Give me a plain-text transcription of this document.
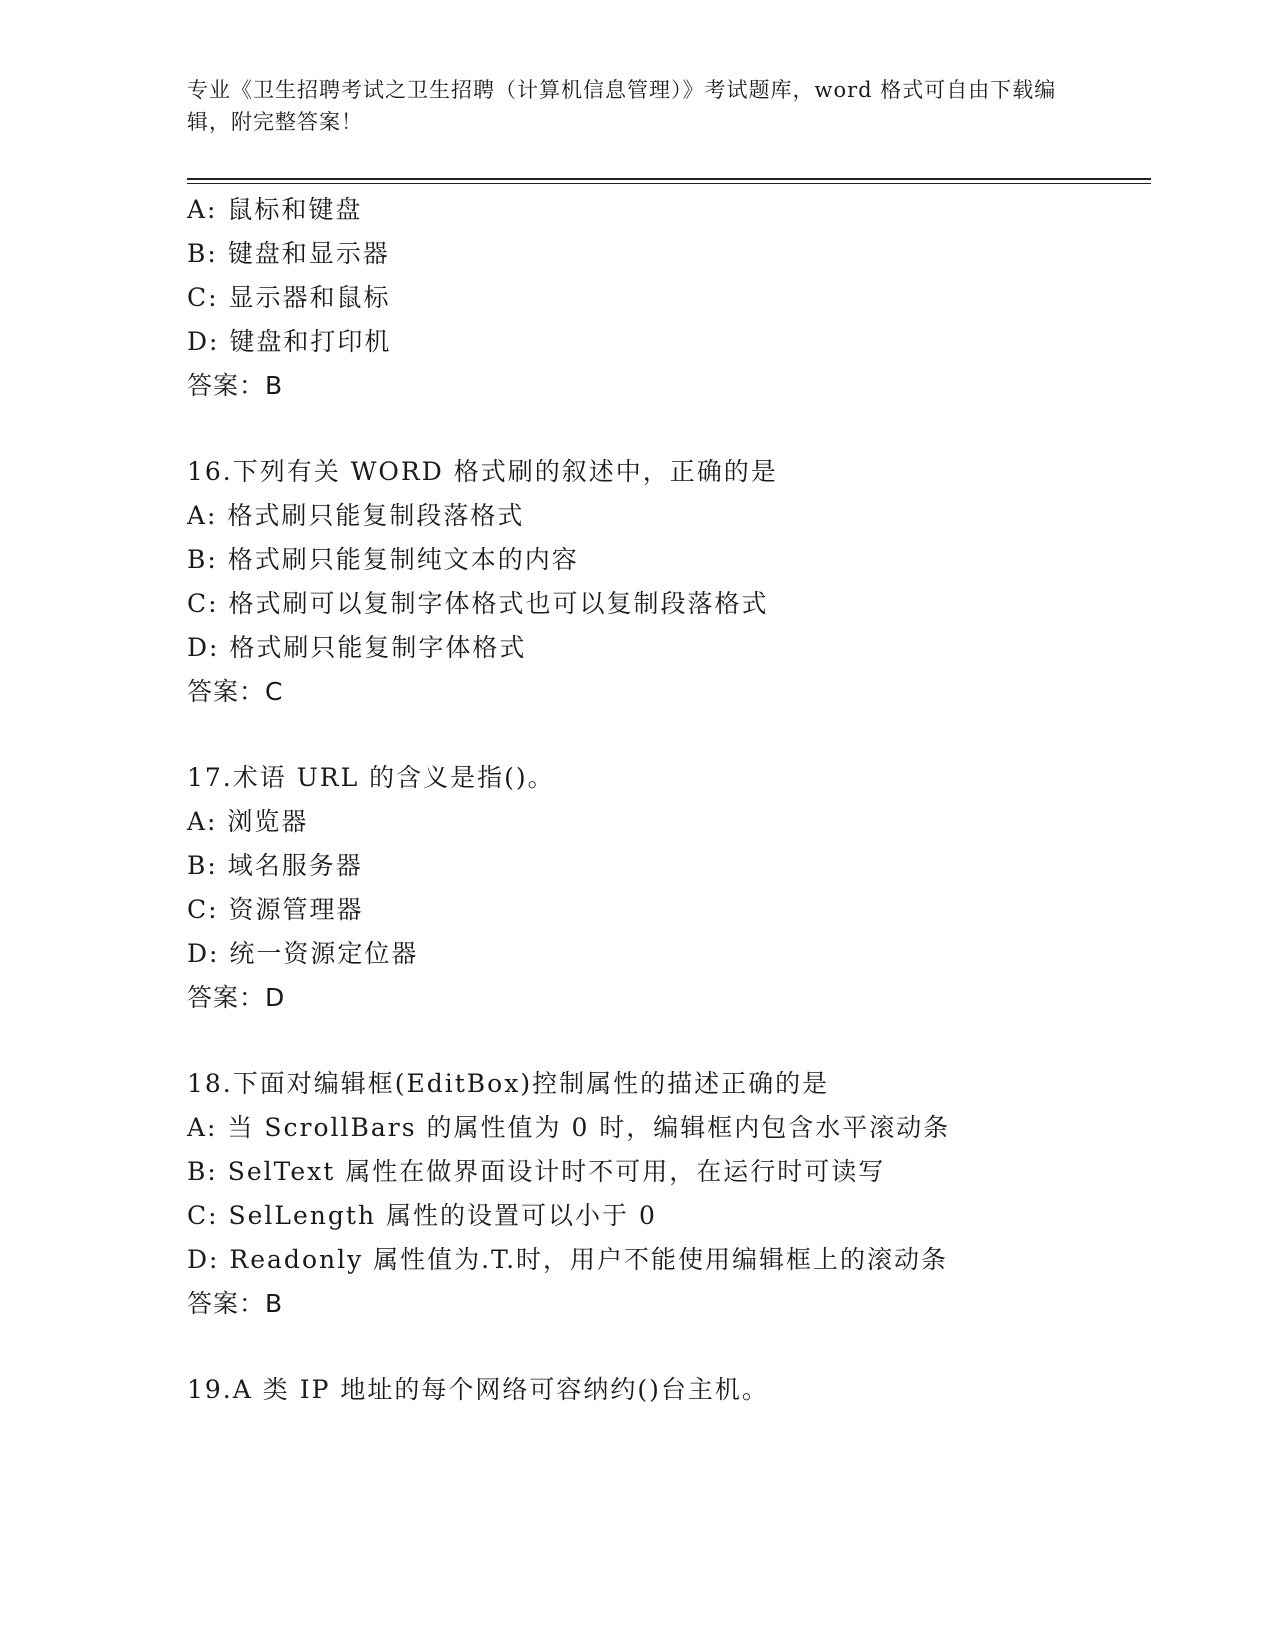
专业《卫生招聘考试之卫生招聘（计算机信息管理）》考试题库，word 格式可自由下载编辑，附完整答案！
A: 鼠标和键盘
B: 键盘和显示器
C: 显示器和鼠标
D: 键盘和打印机
答案：B
16.下列有关 WORD 格式刷的叙述中，正确的是
A: 格式刷只能复制段落格式
B: 格式刷只能复制纯文本的内容
C: 格式刷可以复制字体格式也可以复制段落格式
D: 格式刷只能复制字体格式
答案：C
17.术语 URL 的含义是指()。
A: 浏览器
B: 域名服务器
C: 资源管理器
D: 统一资源定位器
答案：D
18.下面对编辑框(EditBox)控制属性的描述正确的是
A: 当 ScrollBars 的属性值为 0 时，编辑框内包含水平滚动条
B: SelText 属性在做界面设计时不可用，在运行时可读写
C: SelLength 属性的设置可以小于 0
D: Readonly 属性值为.T.时，用户不能使用编辑框上的滚动条
答案：B
19.A 类 IP 地址的每个网络可容纳约()台主机。
